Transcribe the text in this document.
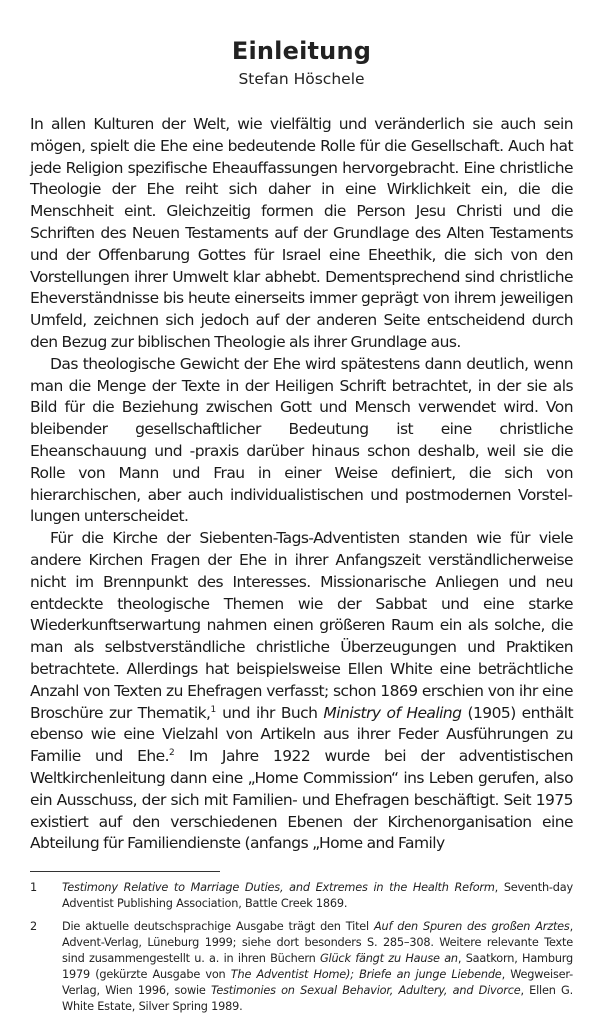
Einleitung

Stefan Höschele

In allen Kulturen der Welt, wie vielfältig und veränderlich sie auch sein mögen, spielt die Ehe eine bedeutende Rolle für die Gesellschaft. Auch hat jede Religion spezifische Eheauffassungen hervorgebracht. Eine christliche Theologie der Ehe reiht sich daher in eine Wirklichkeit ein, die die Menschheit eint. Gleichzeitig formen die Person Jesu Christi und die Schriften des Neuen Testaments auf der Grundlage des Alten Testaments und der Offenbarung Gottes für Israel eine Eheethik, die sich von den Vorstellungen ihrer Umwelt klar abhebt. Dementsprechend sind christliche Eheverständnisse bis heute einerseits immer geprägt von ihrem jeweiligen Umfeld, zeichnen sich jedoch auf der anderen Seite entscheidend durch den Bezug zur biblischen Theologie als ihrer Grundlage aus.

Das theologische Gewicht der Ehe wird spätestens dann deutlich, wenn man die Menge der Texte in der Heiligen Schrift betrachtet, in der sie als Bild für die Beziehung zwischen Gott und Mensch verwendet wird. Von bleibender gesellschaftlicher Bedeutung ist eine christliche Eheanschauung und -praxis darüber hinaus schon deshalb, weil sie die Rolle von Mann und Frau in einer Weise definiert, die sich von hierarchischen, aber auch individualistischen und postmodernen Vorstellungen unterscheidet.

Für die Kirche der Siebenten-Tags-Adventisten standen wie für viele andere Kirchen Fragen der Ehe in ihrer Anfangszeit verständlicherweise nicht im Brennpunkt des Interesses. Missionarische Anliegen und neu entdeckte theologische Themen wie der Sabbat und eine starke Wiederkunftserwartung nahmen einen größeren Raum ein als solche, die man als selbstverständliche christliche Überzeugungen und Praktiken betrachtete. Allerdings hat beispielsweise Ellen White eine beträchtliche Anzahl von Texten zu Ehefragen verfasst; schon 1869 erschien von ihr eine Broschüre zur Thematik,$^1$ und ihr Buch Ministry of Healing (1905) enthält ebenso wie eine Vielzahl von Artikeln aus ihrer Feder Ausführungen zu Familie und Ehe.$^2$ Im Jahre 1922 wurde bei der adventistischen Weltkirchenleitung dann eine „Home Commission“ ins Leben gerufen, also ein Ausschuss, der sich mit Familien- und Ehefragen beschäftigt. Seit 1975 existiert auf den verschiedenen Ebenen der Kirchenorganisation eine Abteilung für Familiendienste (anfangs „Home and Family

1	Testimony Relative to Marriage Duties, and Extremes in the Health Reform, Seventh-day Adventist Publishing Association, Battle Creek 1869.
2	Die aktuelle deutschsprachige Ausgabe trägt den Titel Auf den Spuren des großen Arztes, Advent-Verlag, Lüneburg 1999; siehe dort besonders S. 285–308. Weitere relevante Texte sind zusammengestellt u. a. in ihren Büchern Glück fängt zu Hause an, Saatkorn, Hamburg 1979 (gekürzte Ausgabe von The Adventist Home); Briefe an junge Liebende, Wegweiser-Verlag, Wien 1996, sowie Testimonies on Sexual Behavior, Adultery, and Divorce, Ellen G. White Estate, Silver Spring 1989.
